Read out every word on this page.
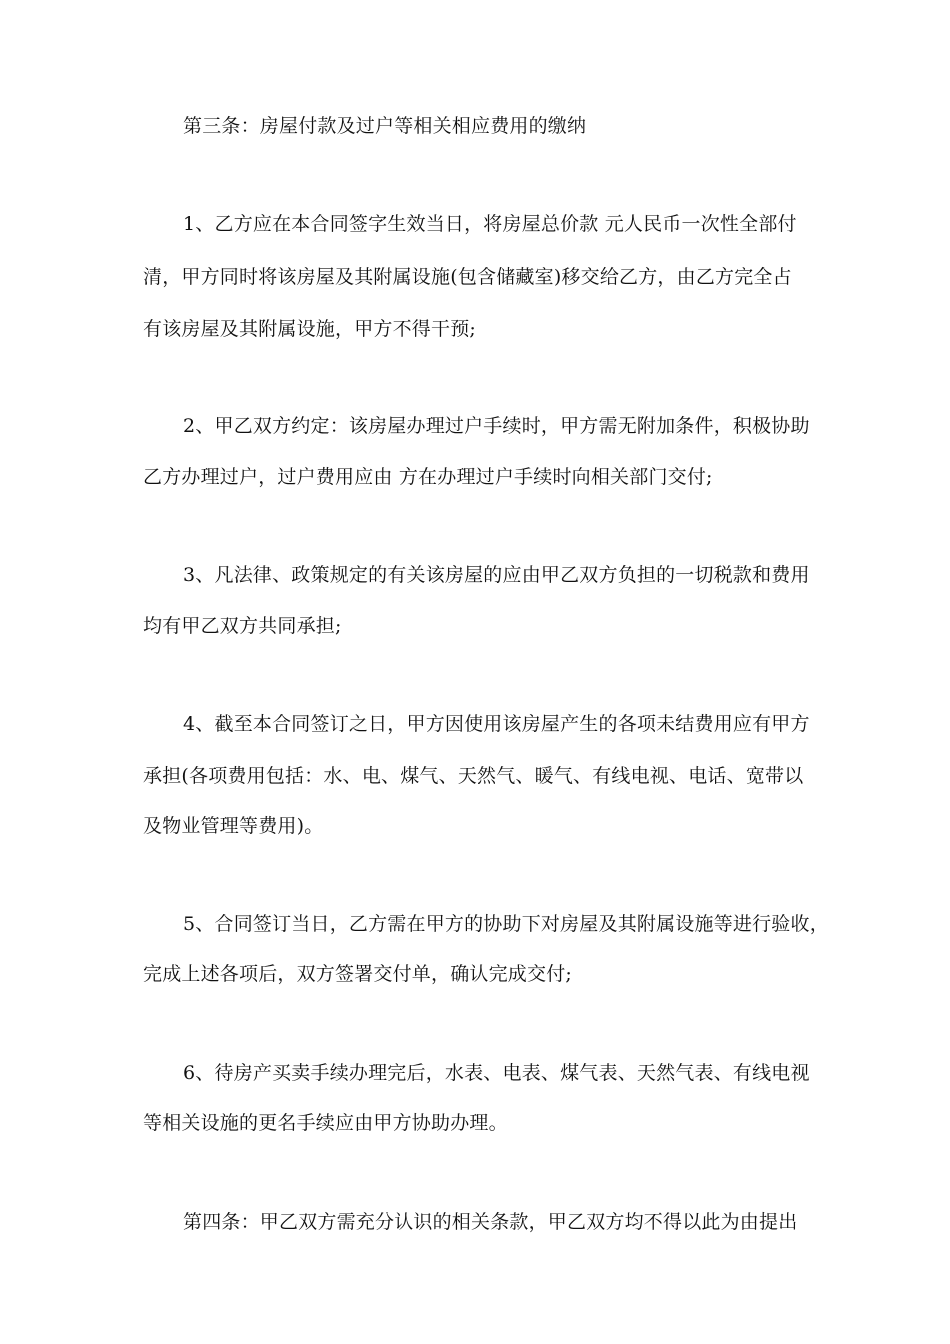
第三条：房屋付款及过户等相关相应费用的缴纳
1、乙方应在本合同签字生效当日，将房屋总价款 元人民币一次性全部付
清，甲方同时将该房屋及其附属设施(包含储藏室)移交给乙方，由乙方完全占
有该房屋及其附属设施，甲方不得干预;
2、甲乙双方约定：该房屋办理过户手续时，甲方需无附加条件，积极协助
乙方办理过户，过户费用应由 方在办理过户手续时向相关部门交付;
3、凡法律、政策规定的有关该房屋的应由甲乙双方负担的一切税款和费用
均有甲乙双方共同承担;
4、截至本合同签订之日，甲方因使用该房屋产生的各项未结费用应有甲方
承担(各项费用包括：水、电、煤气、天然气、暖气、有线电视、电话、宽带以
及物业管理等费用)。
5、合同签订当日，乙方需在甲方的协助下对房屋及其附属设施等进行验收，
完成上述各项后，双方签署交付单，确认完成交付;
6、待房产买卖手续办理完后，水表、电表、煤气表、天然气表、有线电视
等相关设施的更名手续应由甲方协助办理。
第四条：甲乙双方需充分认识的相关条款，甲乙双方均不得以此为由提出
